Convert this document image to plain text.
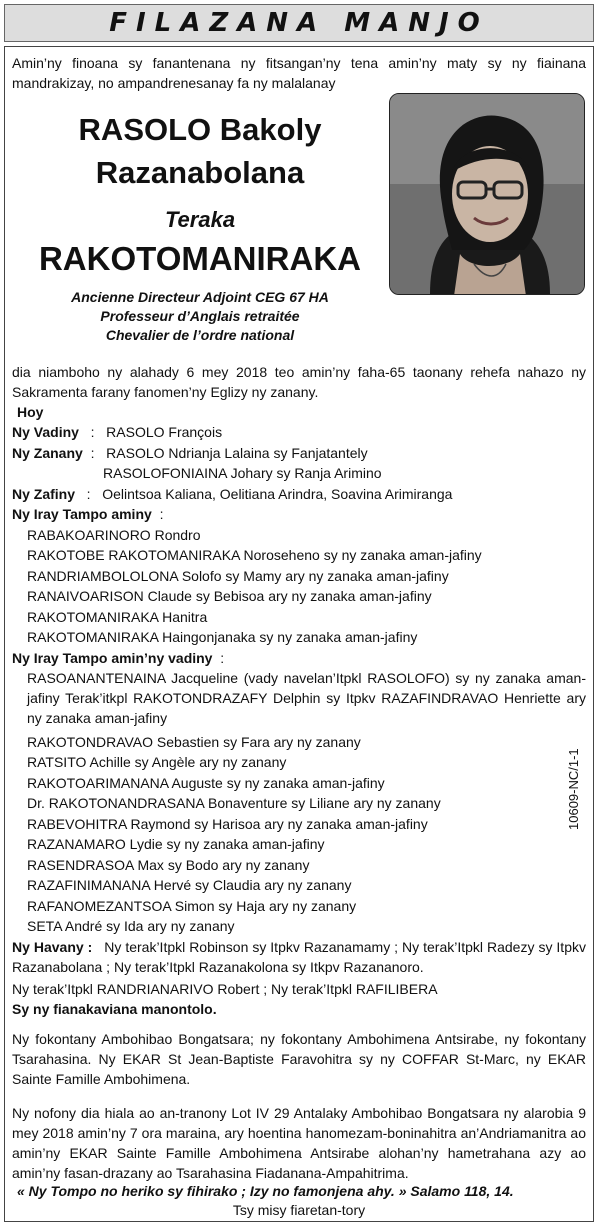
FILAZANA MANJO
Amin’ny finoana sy fanantenana ny fitsangan’ny tena amin’ny maty sy ny fiainana mandrakizay, no ampandrenesanay fa ny malalanay
RASOLO Bakoly
Razanabolana
Teraka
RAKOTOMANIRAKA
Ancienne Directeur Adjoint CEG 67 HA
Professeur d’Anglais retraitée
Chevalier de l’ordre national
dia niamboho ny alahady 6 mey 2018 teo amin’ny faha-65 taonany rehefa nahazo ny Sakramenta farany fanomen’ny Eglizy ny zanany.
Hoy
Ny Vadiny   :   RASOLO François
Ny Zanany  :   RASOLO Ndrianja Lalaina sy Fanjatantely
RASOLOFONIAINA Johary sy Ranja Arimino
Ny Zafiny   :   Oelintsoa Kaliana, Oelitiana Arindra, Soavina Arimiranga
Ny Iray Tampo aminy  :
RABAKOARINORO Rondro
RAKOTOBE RAKOTOMANIRAKA Noroseheno sy ny zanaka aman-jafiny
RANDRIAMBOLOLONA Solofo sy Mamy ary ny zanaka aman-jafiny
RANAIVOARISON Claude sy Bebisoa ary ny zanaka aman-jafiny
RAKOTOMANIRAKA Hanitra
RAKOTOMANIRAKA Haingonjanaka sy ny zanaka aman-jafiny
Ny Iray Tampo amin’ny vadiny  :
RASOANANTENAINA Jacqueline (vady navelan’Itpkl RASOLOFO) sy ny zanaka aman-jafiny Terak’itkpl RAKOTONDRAZAFY Delphin sy Itpkv RAZAFINDRAVAO Henriette ary ny zanaka aman-jafiny
RAKOTONDRAVAO Sebastien sy Fara ary ny zanany
RATSITO Achille sy Angèle ary ny zanany
RAKOTOARIMANANA Auguste sy ny zanaka aman-jafiny
Dr. RAKOTONANDRASANA Bonaventure sy Liliane ary ny zanany
RABEVOHITRA Raymond sy Harisoa ary ny zanaka aman-jafiny
RAZANAMARO Lydie sy ny zanaka aman-jafiny
RASENDRASOA Max sy Bodo ary ny zanany
RAZAFINIMANANA Hervé sy Claudia ary ny zanany
RAFANOMEZANTSOA Simon sy Haja ary ny zanany
SETA André sy Ida ary ny zanany
Ny Havany : Ny terak’Itpkl Robinson sy Itpkv Razanamamy ; Ny terak’Itpkl Radezy sy Itpkv Razanabolana ; Ny terak’Itpkl Razanakolona sy Itkpv Razananoro.
Ny terak’Itpkl RANDRIANARIVO Robert ; Ny terak’Itpkl RAFILIBERA
Sy ny fianakaviana manontolo.
Ny fokontany Ambohibao Bongatsara; ny fokontany Ambohimena Antsirabe, ny fokontany Tsarahasina. Ny EKAR St Jean-Baptiste Faravohitra sy ny COFFAR St-Marc, ny EKAR Sainte Famille Ambohimena.
Ny nofony dia hiala ao an-tranony Lot IV 29 Antalaky Ambohibao Bongatsara ny alarobia 9 mey 2018 amin’ny 7 ora maraina, ary hoentina hanomezam-boninahitra an’Andriamanitra ao amin’ny EKAR Sainte Famille Ambohimena Antsirabe alohan’ny hametrahana azy ao amin’ny fasan-drazany ao Tsarahasina Fiadanana-Ampahitrima.
« Ny Tompo no heriko sy fihirako ; Izy no famonjena ahy. » Salamo 118, 14.
Tsy misy fiaretan-tory
10609-NC/1-1
